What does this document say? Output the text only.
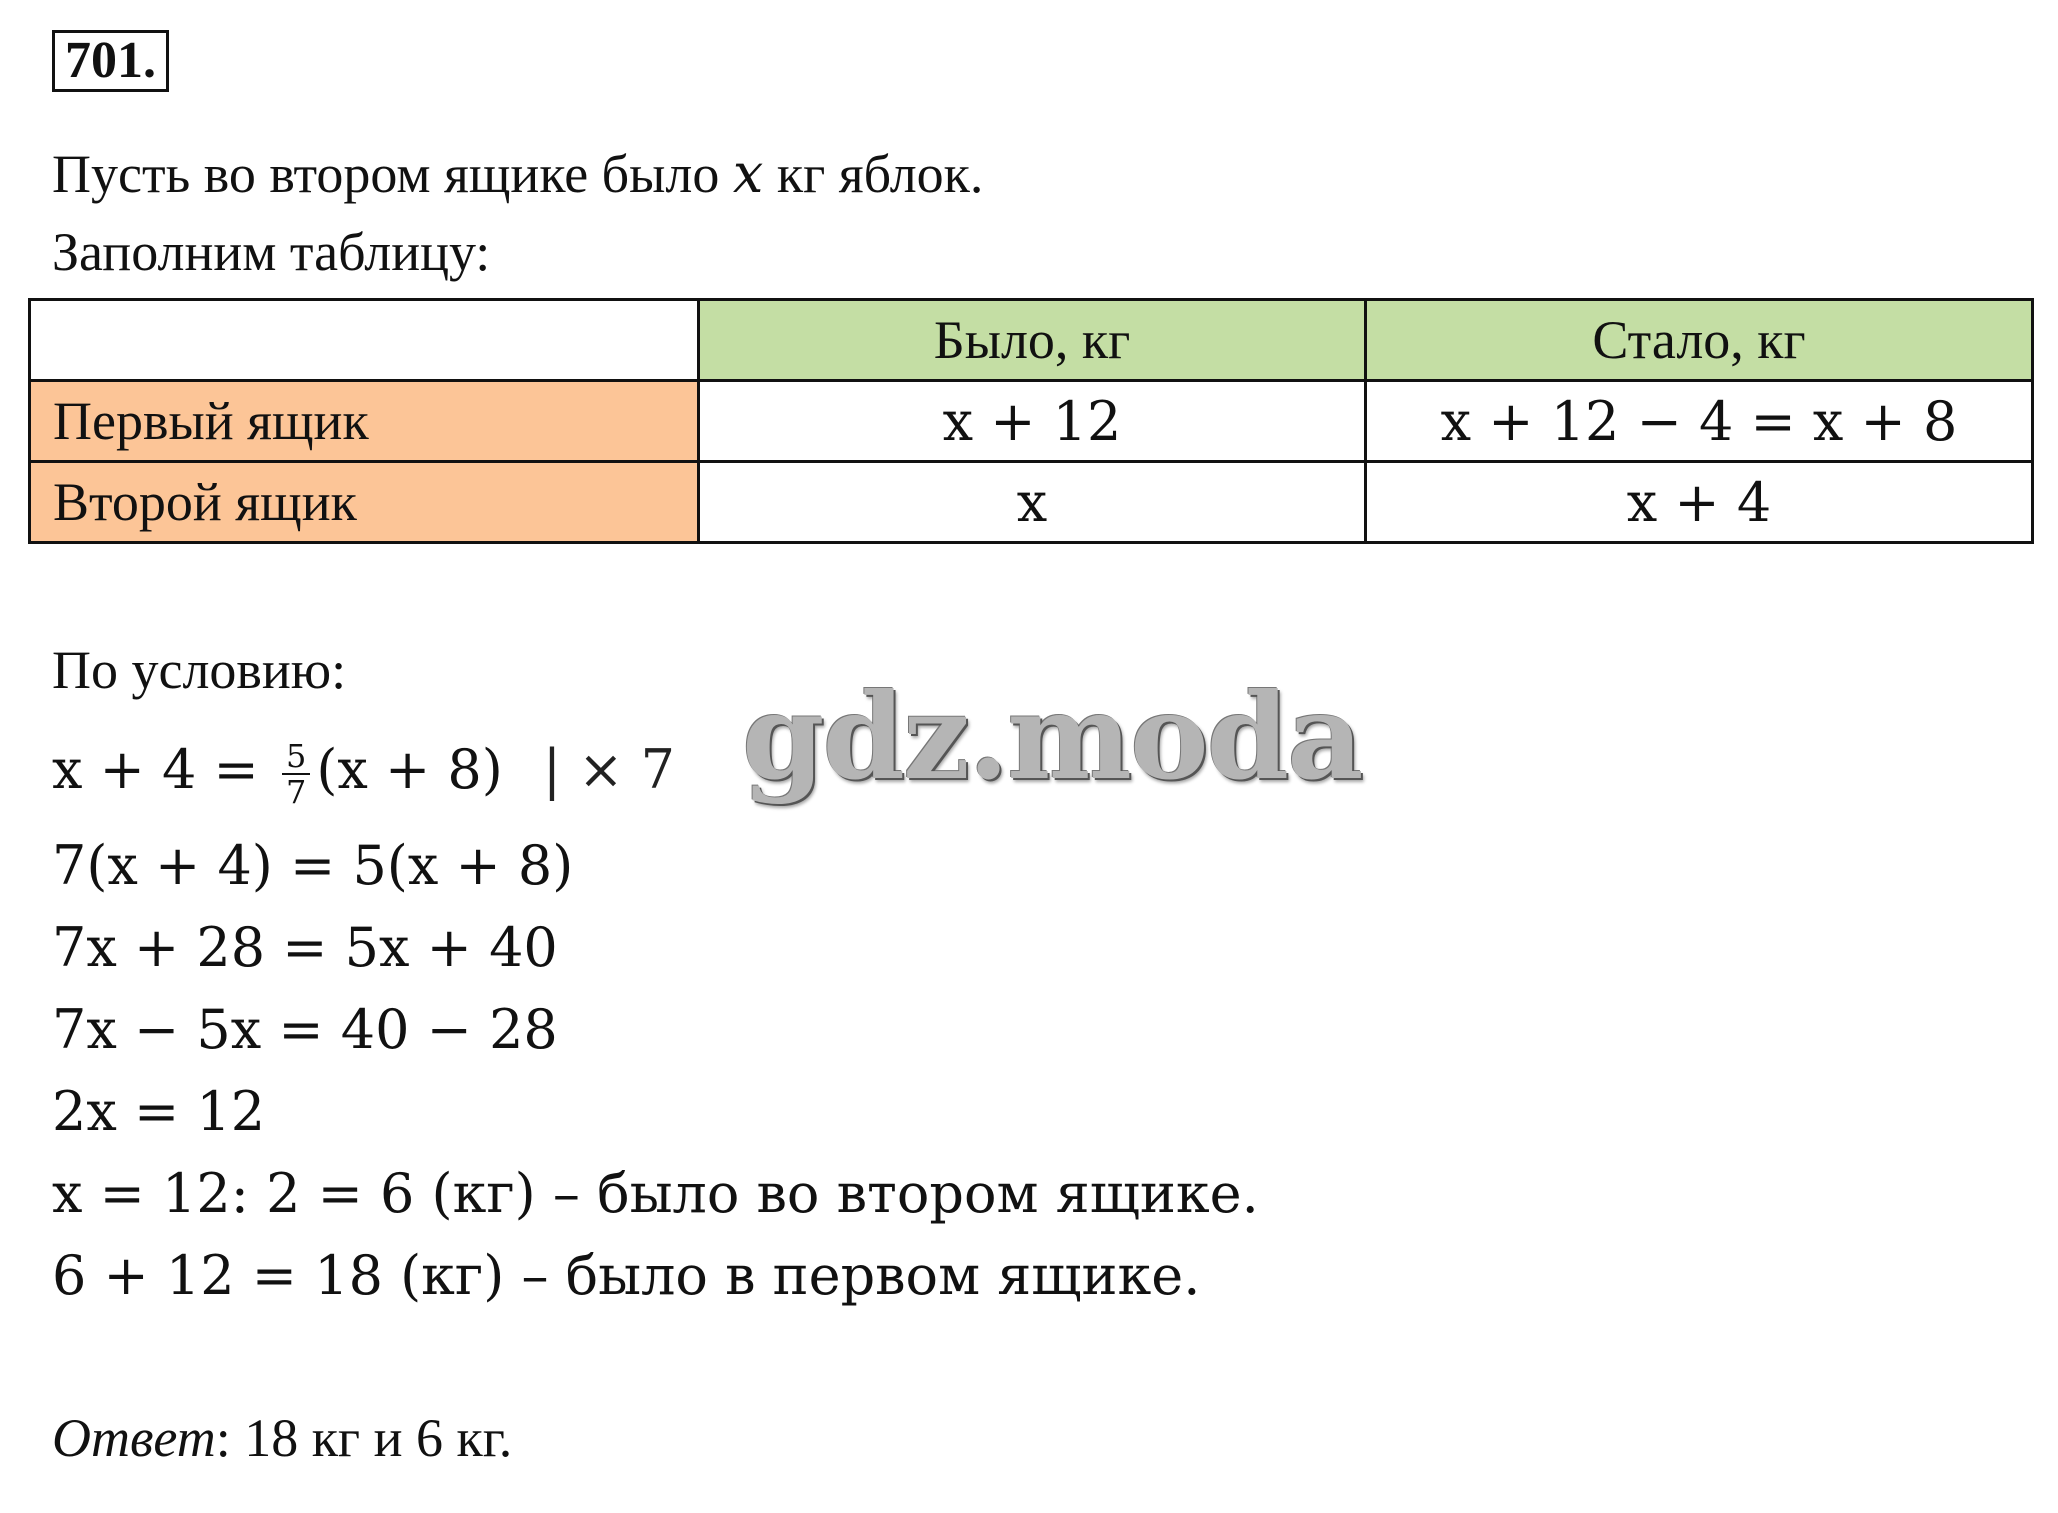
701.
Пусть во втором ящике было x кг яблок.
Заполним таблицу:
	Было, кг	Стало, кг
Первый ящик	x + 12	x + 12 − 4 = x + 8
Второй ящик	x	x + 4
По условию:
$x + 4 = \frac{5}{7} (x + 8)$ | × 7
7(x + 4) = 5(x + 8)
7x + 28 = 5x + 40
7x − 5x = 40 − 28
2x = 12
x = 12: 2 = 6 (кг) – было во втором ящике.
6 + 12 = 18 (кг) – было в первом ящике.
Ответ: 18 кг и 6 кг.
gdz.moda
